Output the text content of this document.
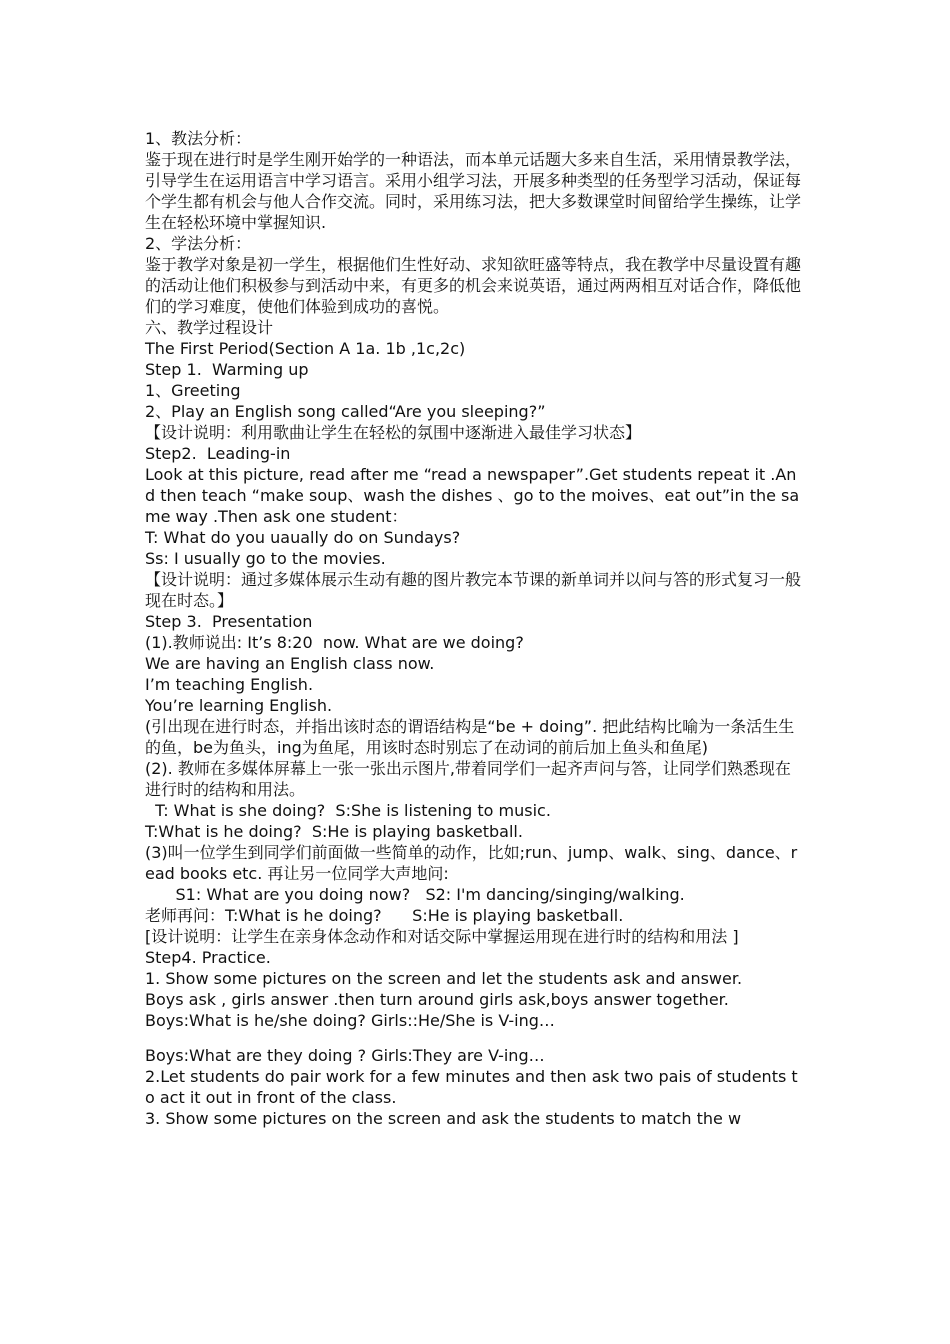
1、教法分析：

鉴于现在进行时是学生刚开始学的一种语法，而本单元话题大多来自生活，采用情景教学法，引导学生在运用语言中学习语言。采用小组学习法，开展多种类型的任务型学习活动，保证每个学生都有机会与他人合作交流。同时，采用练习法，把大多数课堂时间留给学生操练，让学生在轻松环境中掌握知识.

2、学法分析：

鉴于教学对象是初一学生，根据他们生性好动、求知欲旺盛等特点，我在教学中尽量设置有趣的活动让他们积极参与到活动中来，有更多的机会来说英语，通过两两相互对话合作，降低他们的学习难度，使他们体验到成功的喜悦。

六、教学过程设计

The First Period(Section A 1a. 1b ,1c,2c)

Step 1.  Warming up

1、Greeting

2、Play an English song called“Are you sleeping?”

【设计说明：利用歌曲让学生在轻松的氛围中逐渐进入最佳学习状态】

Step2.  Leading-in

Look at this picture, read after me “read a newspaper”.Get students repeat it .And then teach “make soup、wash the dishes 、go to the moives、eat out”in the same way .Then ask one student：

T: What do you uaually do on Sundays?

Ss: I usually go to the movies.

【设计说明：通过多媒体展示生动有趣的图片教完本节课的新单词并以问与答的形式复习一般现在时态。】

Step 3.  Presentation

(1).教师说出: It’s 8:20  now. What are we doing?

We are having an English class now.

I’m teaching English.

You’re learning English.

(引出现在进行时态，并指出该时态的谓语结构是“be + doing”. 把此结构比喻为一条活生生的鱼，be为鱼头，ing为鱼尾，用该时态时别忘了在动词的前后加上鱼头和鱼尾)

(2). 教师在多媒体屏幕上一张一张出示图片,带着同学们一起齐声问与答，让同学们熟悉现在进行时的结构和用法。

T: What is she doing?  S:She is listening to music.

T:What is he doing?  S:He is playing basketball.

(3)叫一位学生到同学们前面做一些简单的动作，比如;run、jump、walk、sing、dance、read books etc. 再让另一位同学大声地问:

S1: What are you doing now?   S2: I'm dancing/singing/walking.

老师再问：T:What is he doing?      S:He is playing basketball.

[设计说明：让学生在亲身体念动作和对话交际中掌握运用现在进行时的结构和用法 ]

Step4. Practice.

1. Show some pictures on the screen and let the students ask and answer.

Boys ask , girls answer .then turn around girls ask,boys answer together.

Boys:What is he/she doing? Girls::He/She is V-ing…

Boys:What are they doing ? Girls:They are V-ing…

2.Let students do pair work for a few minutes and then ask two pais of students to act it out in front of the class.

3. Show some pictures on the screen and ask the students to match the w
